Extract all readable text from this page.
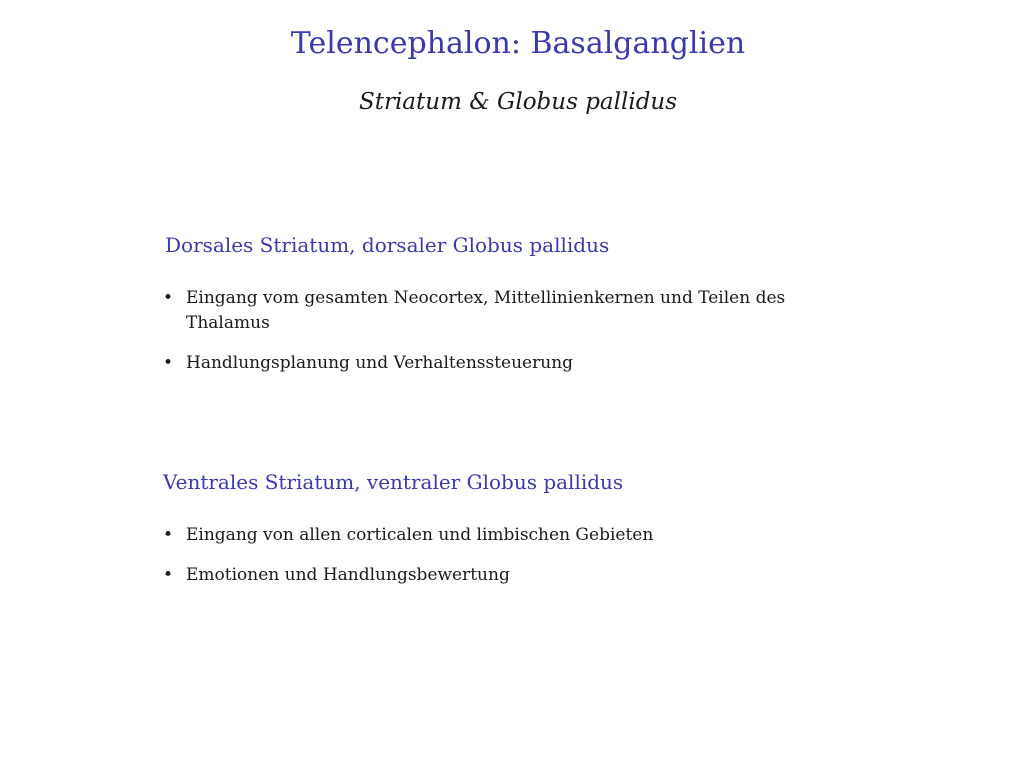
Telencephalon: Basalganglien
Striatum & Globus pallidus
Dorsales Striatum, dorsaler Globus pallidus
• Eingang vom gesamten Neocortex, Mittellinienkernen und Teilen des Thalamus
• Handlungsplanung und Verhaltenssteuerung
Ventrales Striatum, ventraler Globus pallidus
• Eingang von allen corticalen und limbischen Gebieten
• Emotionen und Handlungsbewertung
